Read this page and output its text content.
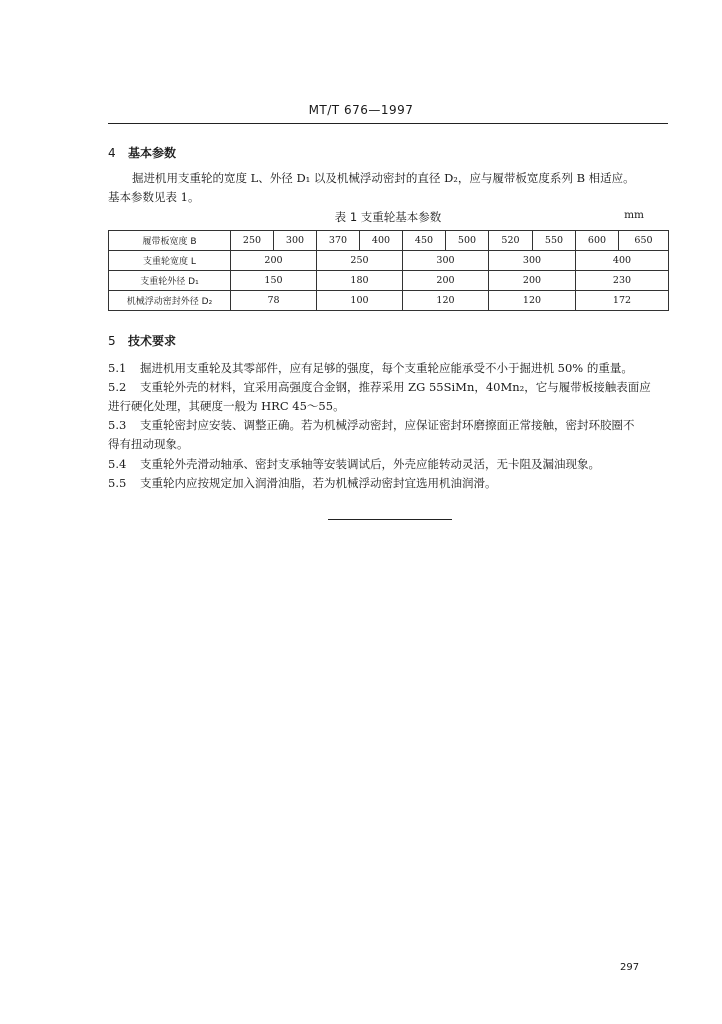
MT/T 676—1997
4 基本参数
掘进机用支重轮的宽度 L、外径 D₁ 以及机械浮动密封的直径 D₂，应与履带板宽度系列 B 相适应。
基本参数见表 1。
表 1 支重轮基本参数	mm
履带板宽度 B	250	300	370	400	450	500	520	550	600	650
支重轮宽度 L	200		250		300		300		400	
支重轮外径 D₁	150		180		200		200		230	
机械浮动密封外径 D₂	78		100		120		120		172	
5 技术要求
5.1	掘进机用支重轮及其零部件，应有足够的强度，每个支重轮应能承受不小于掘进机 50% 的重量。
5.2	支重轮外壳的材料，宜采用高强度合金钢，推荐采用 ZG 55SiMn，40Mn₂，它与履带板接触表面应
进行硬化处理，其硬度一般为 HRC 45～55。
5.3	支重轮密封应安装、调整正确。若为机械浮动密封，应保证密封环磨擦面正常接触，密封环胶圈不
得有扭动现象。
5.4	支重轮外壳滑动轴承、密封支承轴等安装调试后，外壳应能转动灵活，无卡阻及漏油现象。
5.5	支重轮内应按规定加入润滑油脂，若为机械浮动密封宜选用机油润滑。
297
